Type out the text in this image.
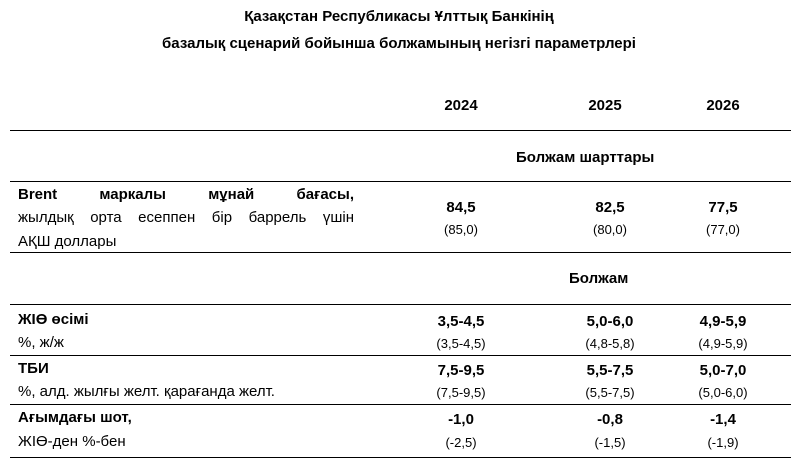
Қазақстан Республикасы Ұлттық Банкінің
базалық сценарий бойынша болжамының негізгі параметрлері
2024	2025	2026
Болжам шарттары
Brent маркалы мұнай бағасы,
жылдық орта есеппен бір баррель үшін
АҚШ доллары
84,5	82,5	77,5
(85,0)	(80,0)	(77,0)
Болжам
ЖІӨ өсімі
%, ж/ж
3,5-4,5	5,0-6,0	4,9-5,9
(3,5-4,5)	(4,8-5,8)	(4,9-5,9)
ТБИ
%, алд. жылғы желт. қарағанда желт.
7,5-9,5	5,5-7,5	5,0-7,0
(7,5-9,5)	(5,5-7,5)	(5,0-6,0)
Ағымдағы шот,
ЖІӨ-ден %-бен
-1,0	-0,8	-1,4
(-2,5)	(-1,5)	(-1,9)
